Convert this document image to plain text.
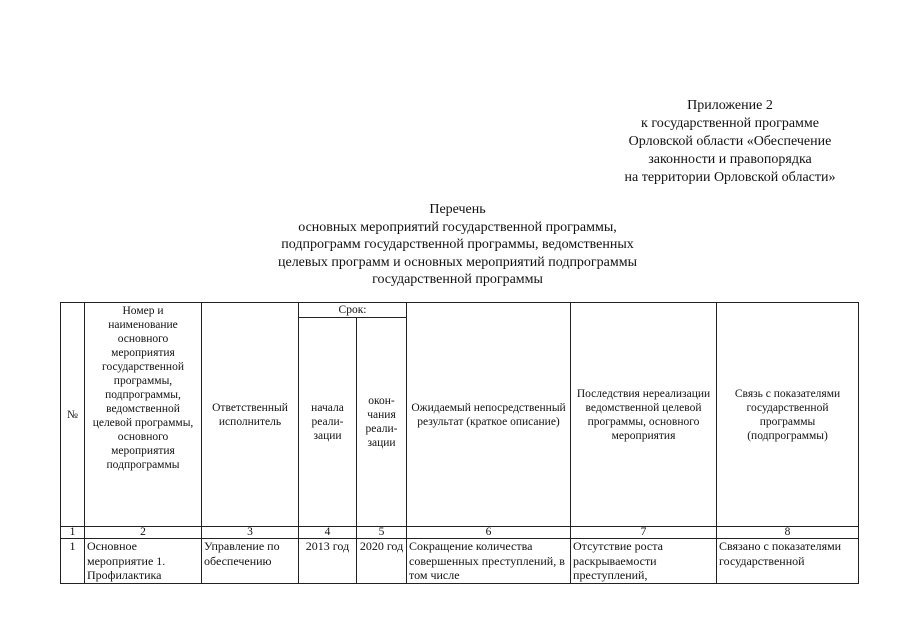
Приложение 2
к государственной программе
Орловской области «Обеспечение
законности и правопорядка
на территории Орловской области»
Перечень
основных мероприятий государственной программы,
подпрограмм государственной программы, ведомственных
целевых программ и основных мероприятий подпрограммы
государственной программы
№	Номер и наименование основного мероприятия государственной программы, подпрограммы, ведомственной целевой программы, основного мероприятия подпрограммы	Ответственный исполнитель	Срок:		Ожидаемый непосредственный результат (краткое описание)	Последствия нереализации ведомственной целевой программы, основного мероприятия	Связь с показателями государственной программы (подпрограммы)
			начала реали-зации	окон-чания реали-зации			
1	2	3	4	5	6	7	8
1	Основное мероприятие 1. Профилактика	Управление по обеспечению	2013 год	2020 год	Сокращение количества совершенных преступлений, в том числе	Отсутствие роста раскрываемости преступлений,	Связано с показателями государственной
